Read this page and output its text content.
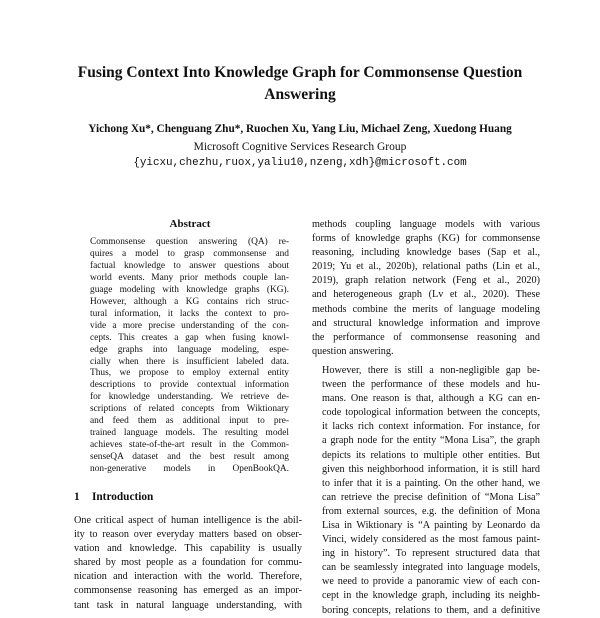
Fusing Context Into Knowledge Graph for Commonsense Question
Answering
Yichong Xu*, Chenguang Zhu*, Ruochen Xu, Yang Liu, Michael Zeng, Xuedong Huang
Microsoft Cognitive Services Research Group
{yicxu,chezhu,ruox,yaliu10,nzeng,xdh}@microsoft.com
Abstract
Commonsense question answering (QA) re-
quires a model to grasp commonsense and
factual knowledge to answer questions about
world events. Many prior methods couple lan-
guage modeling with knowledge graphs (KG).
However, although a KG contains rich struc-
tural information, it lacks the context to pro-
vide a more precise understanding of the con-
cepts. This creates a gap when fusing knowl-
edge graphs into language modeling, espe-
cially when there is insufficient labeled data.
Thus, we propose to employ external entity
descriptions to provide contextual information
for knowledge understanding. We retrieve de-
scriptions of related concepts from Wiktionary
and feed them as additional input to pre-
trained language models. The resulting model
achieves state-of-the-art result in the Common-
senseQA dataset and the best result among
non-generative models in OpenBookQA.
1 Introduction
One critical aspect of human intelligence is the abil-
ity to reason over everyday matters based on obser-
vation and knowledge. This capability is usually
shared by most people as a foundation for commu-
nication and interaction with the world. Therefore,
commonsense reasoning has emerged as an impor-
tant task in natural language understanding, with
methods coupling language models with various
forms of knowledge graphs (KG) for commonsense
reasoning, including knowledge bases (Sap et al.,
2019; Yu et al., 2020b), relational paths (Lin et al.,
2019), graph relation network (Feng et al., 2020)
and heterogeneous graph (Lv et al., 2020). These
methods combine the merits of language modeling
and structural knowledge information and improve
the performance of commonsense reasoning and
question answering.
However, there is still a non-negligible gap be-
tween the performance of these models and hu-
mans. One reason is that, although a KG can en-
code topological information between the concepts,
it lacks rich context information. For instance, for
a graph node for the entity “Mona Lisa”, the graph
depicts its relations to multiple other entities. But
given this neighborhood information, it is still hard
to infer that it is a painting. On the other hand, we
can retrieve the precise definition of “Mona Lisa”
from external sources, e.g. the definition of Mona
Lisa in Wiktionary is “A painting by Leonardo da
Vinci, widely considered as the most famous paint-
ing in history”. To represent structured data that
can be seamlessly integrated into language models,
we need to provide a panoramic view of each con-
cept in the knowledge graph, including its neighb-
boring concepts, relations to them, and a definitive
